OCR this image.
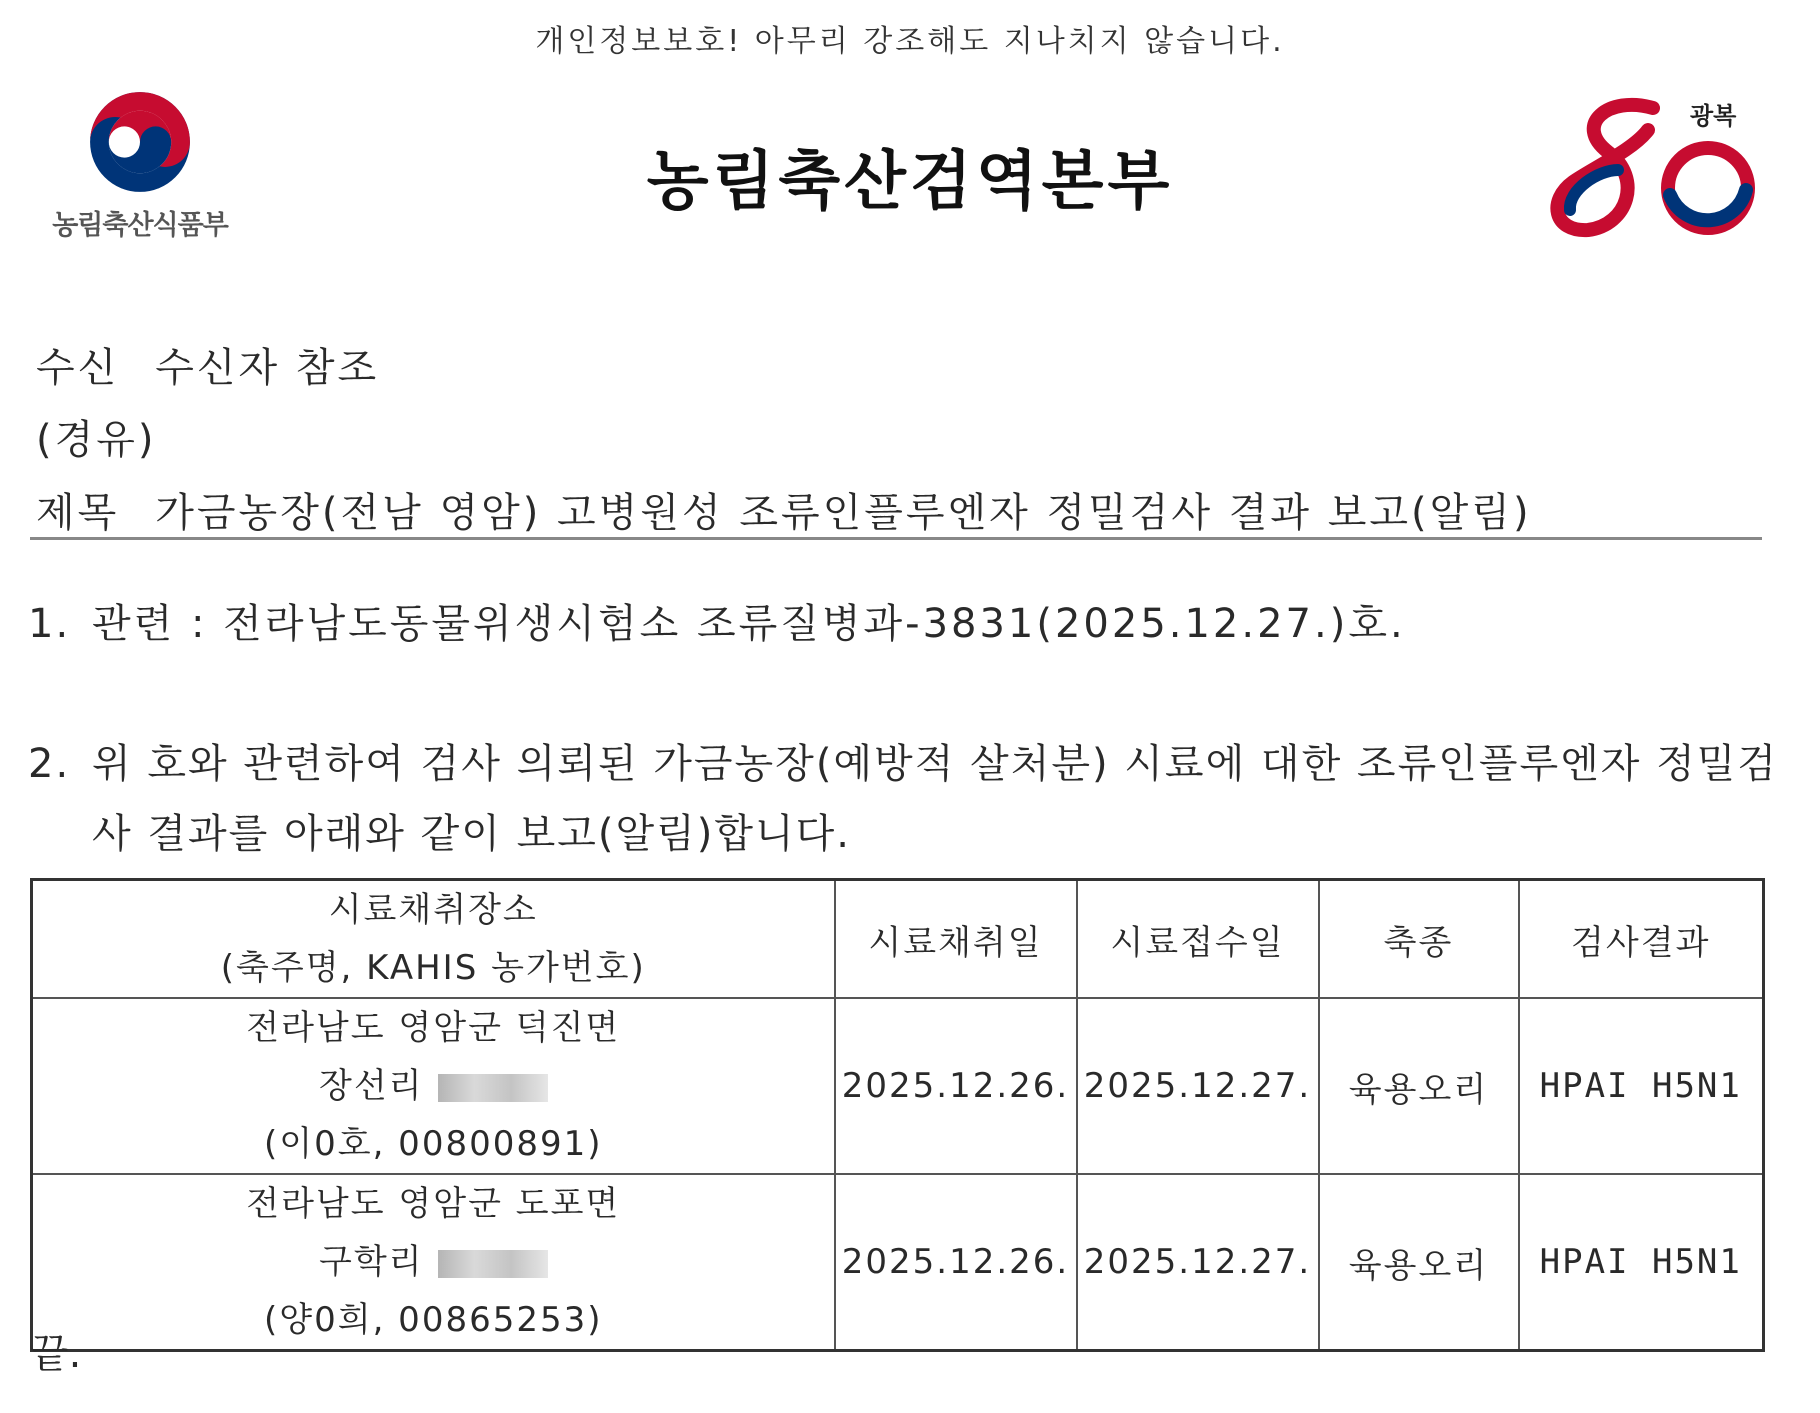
개인정보보호! 아무리 강조해도 지나치지 않습니다.
농림축산식품부
농림축산검역본부
광복
수신 수신자 참조
(경유)
제목 가금농장(전남 영암) 고병원성 조류인플루엔자 정밀검사 결과 보고(알림)
1. 관련 : 전라남도동물위생시험소 조류질병과-3831(2025.12.27.)호.
2. 위 호와 관련하여 검사 의뢰된 가금농장(예방적 살처분) 시료에 대한 조류인플루엔자 정밀검
사 결과를 아래와 같이 보고(알림)합니다.
시료채취장소
(축주명, KAHIS 농가번호)	시료채취일	시료접수일	축종	검사결과

전라남도 영암군 덕진면
장선리
(이0호, 00800891)	2025.12.26.	2025.12.27.	육용오리	HPAI H5N1

전라남도 영암군 도포면
구학리
(양0희, 00865253)	2025.12.26.	2025.12.27.	육용오리	HPAI H5N1
끝.
